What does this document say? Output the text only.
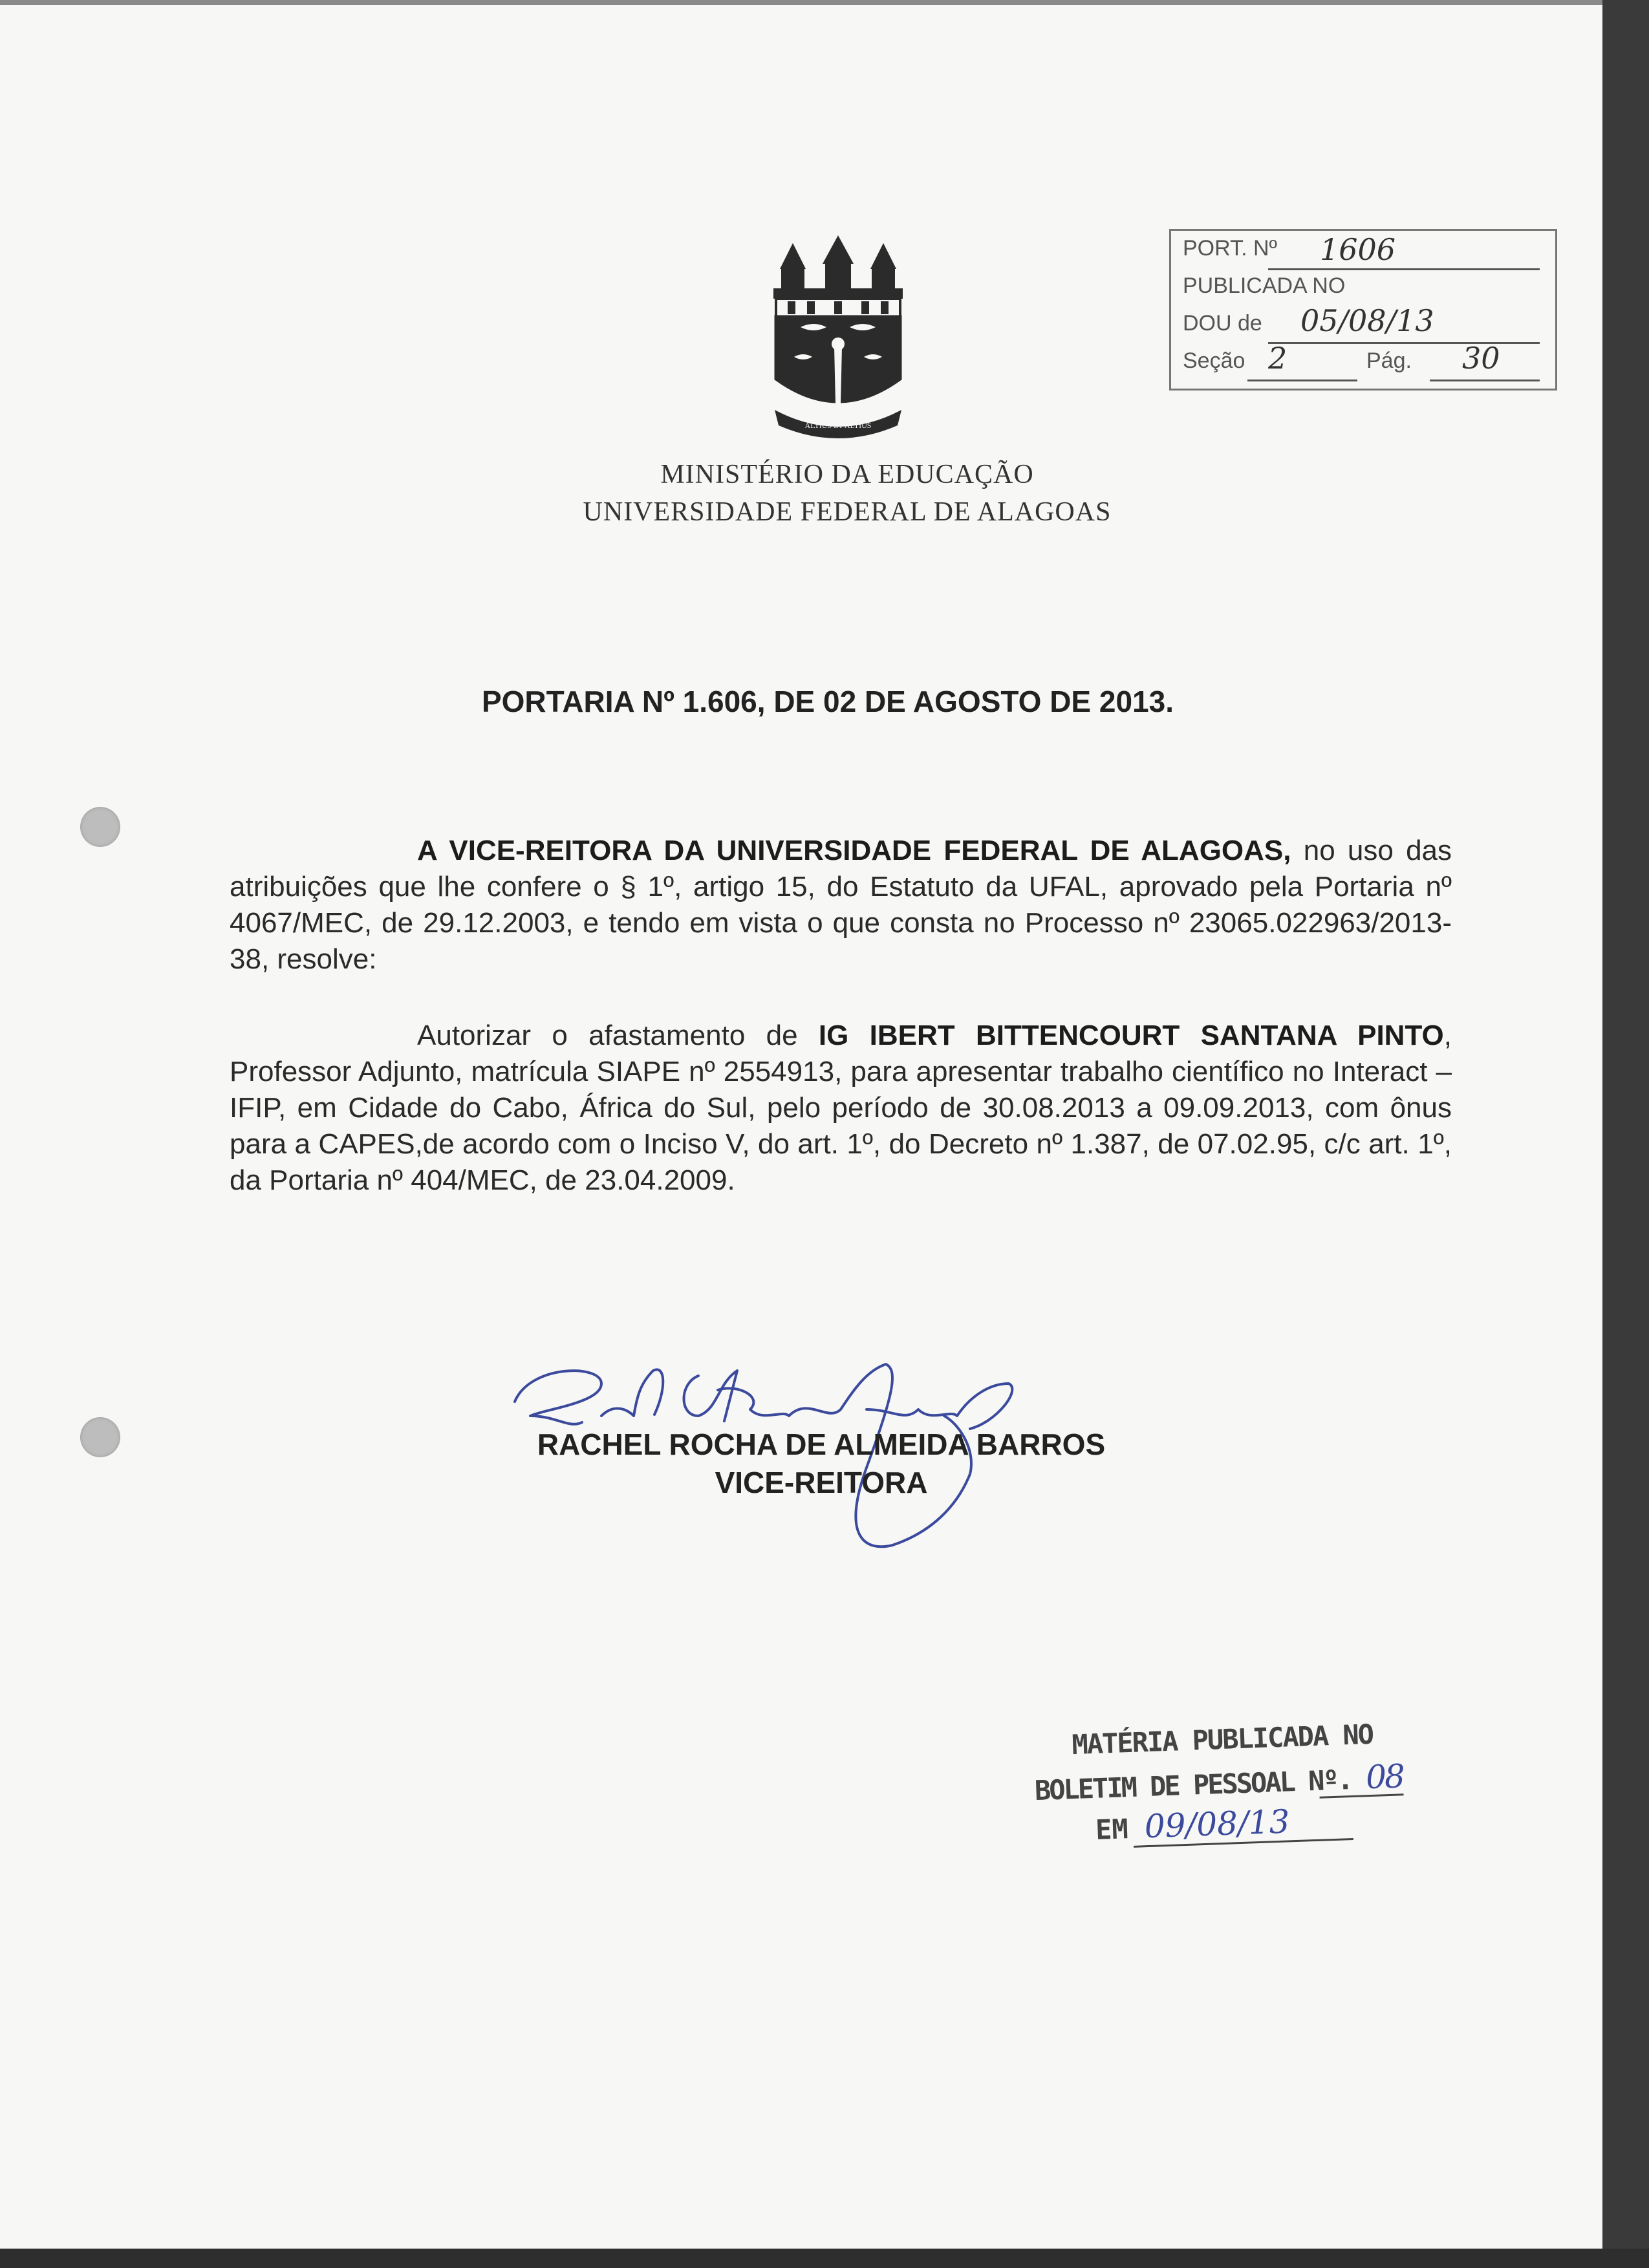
PORT. Nº 1606
PUBLICADA NO
DOU de 05/08/13
Seção 2	Pág. 30
ALTIUS ET ALTIUS
MINISTÉRIO DA EDUCAÇÃO
UNIVERSIDADE FEDERAL DE ALAGOAS
PORTARIA Nº 1.606, DE 02 DE AGOSTO DE 2013.
A VICE-REITORA DA UNIVERSIDADE FEDERAL DE ALAGOAS, no uso das atribuições que lhe confere o § 1º, artigo 15, do Estatuto da UFAL, aprovado pela Portaria nº 4067/MEC, de 29.12.2003, e tendo em vista o que consta no Processo nº 23065.022963/2013-38, resolve:
Autorizar o afastamento de IG IBERT BITTENCOURT SANTANA PINTO, Professor Adjunto, matrícula SIAPE nº 2554913, para apresentar trabalho científico no Interact – IFIP, em Cidade do Cabo, África do Sul, pelo período de 30.08.2013 a 09.09.2013, com ônus para a CAPES,de acordo com o Inciso V, do art. 1º, do Decreto nº 1.387, de 07.02.95, c/c art. 1º, da Portaria nº 404/MEC, de 23.04.2009.
RACHEL ROCHA DE ALMEIDA BARROS
VICE-REITORA
MATÉRIA PUBLICADA NO
BOLETIM DE PESSOAL Nº. 08
EM 09/08/13
